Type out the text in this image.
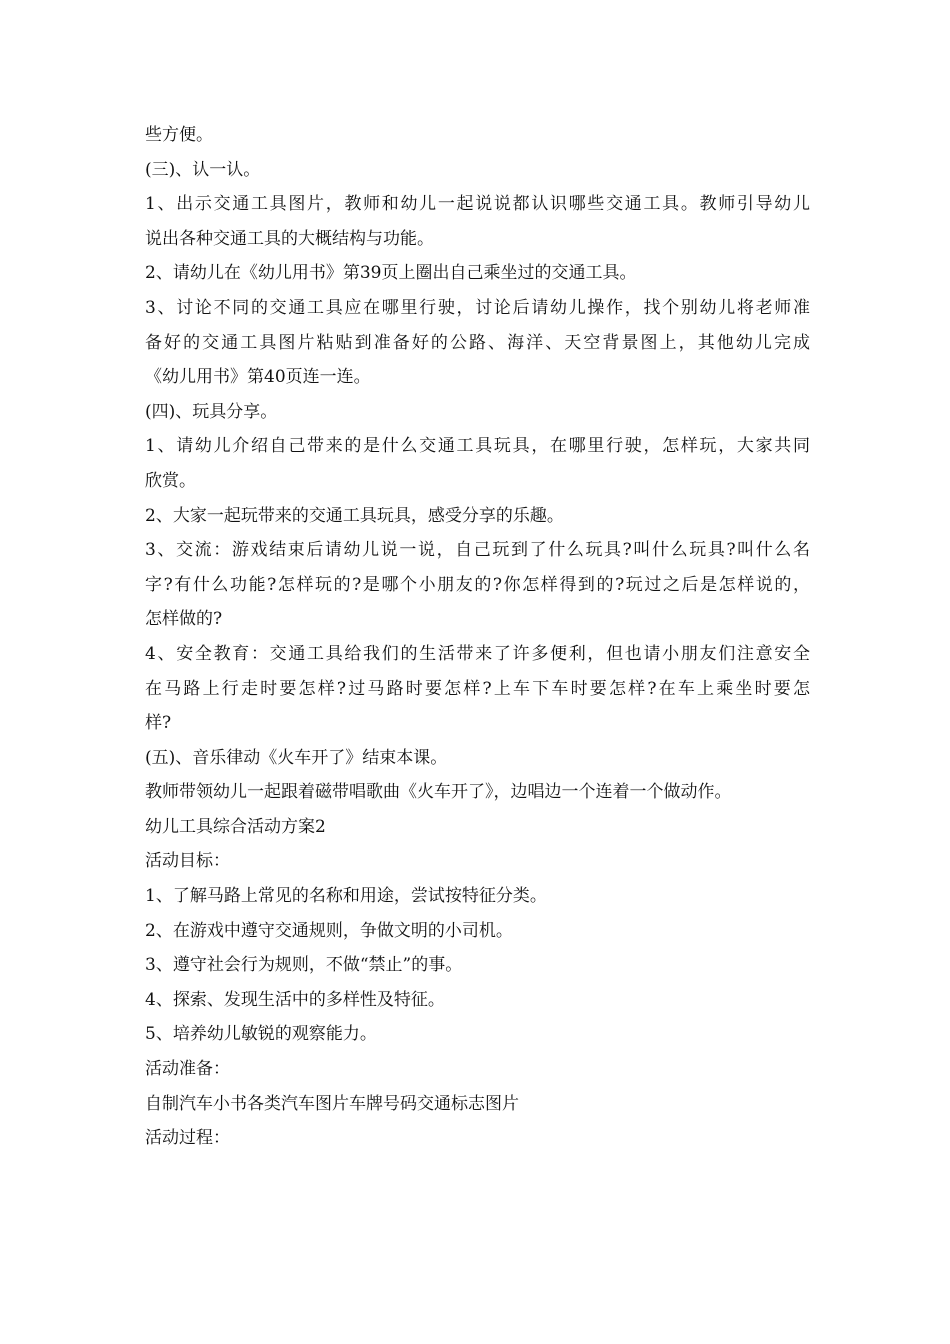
些方便。
(三)、认一认。
1、出示交通工具图片，教师和幼儿一起说说都认识哪些交通工具。教师引导幼儿
说出各种交通工具的大概结构与功能。
2、请幼儿在《幼儿用书》第39页上圈出自己乘坐过的交通工具。
3、讨论不同的交通工具应在哪里行驶，讨论后请幼儿操作，找个别幼儿将老师准
备好的交通工具图片粘贴到准备好的公路、海洋、天空背景图上，其他幼儿完成
《幼儿用书》第40页连一连。
(四)、玩具分享。
1、请幼儿介绍自己带来的是什么交通工具玩具，在哪里行驶，怎样玩，大家共同
欣赏。
2、大家一起玩带来的交通工具玩具，感受分享的乐趣。
3、交流：游戏结束后请幼儿说一说，自己玩到了什么玩具?叫什么玩具?叫什么名
字?有什么功能?怎样玩的?是哪个小朋友的?你怎样得到的?玩过之后是怎样说的，
怎样做的?
4、安全教育：交通工具给我们的生活带来了许多便利，但也请小朋友们注意安全
在马路上行走时要怎样?过马路时要怎样?上车下车时要怎样?在车上乘坐时要怎
样?
(五)、音乐律动《火车开了》结束本课。
教师带领幼儿一起跟着磁带唱歌曲《火车开了》，边唱边一个连着一个做动作。
幼儿工具综合活动方案2
活动目标：
1、了解马路上常见的名称和用途，尝试按特征分类。
2、在游戏中遵守交通规则，争做文明的小司机。
3、遵守社会行为规则，不做“禁止”的事。
4、探索、发现生活中的多样性及特征。
5、培养幼儿敏锐的观察能力。
活动准备：
自制汽车小书各类汽车图片车牌号码交通标志图片
活动过程：
